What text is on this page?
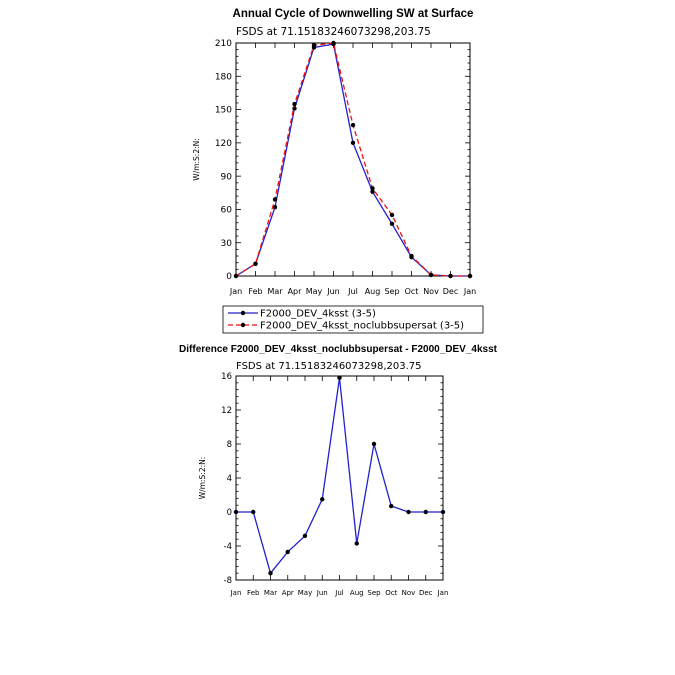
Annual Cycle of Downwelling SW at Surface
FSDS at 71.15183246073298,203.75
W/m:S:2:N:
0
30
60
90
120
150
180
210
Jan Feb Mar Apr May Jun Jul Aug Sep Oct Nov Dec Jan
F2000_DEV_4ksst (3-5)
F2000_DEV_4ksst_noclubbsupersat (3-5)
Difference F2000_DEV_4ksst_noclubbsupersat - F2000_DEV_4ksst
FSDS at 71.15183246073298,203.75
W/m:S:2:N:
-8
-4
0
4
8
12
16
Jan Feb Mar Apr May Jun Jul Aug Sep Oct Nov Dec Jan
